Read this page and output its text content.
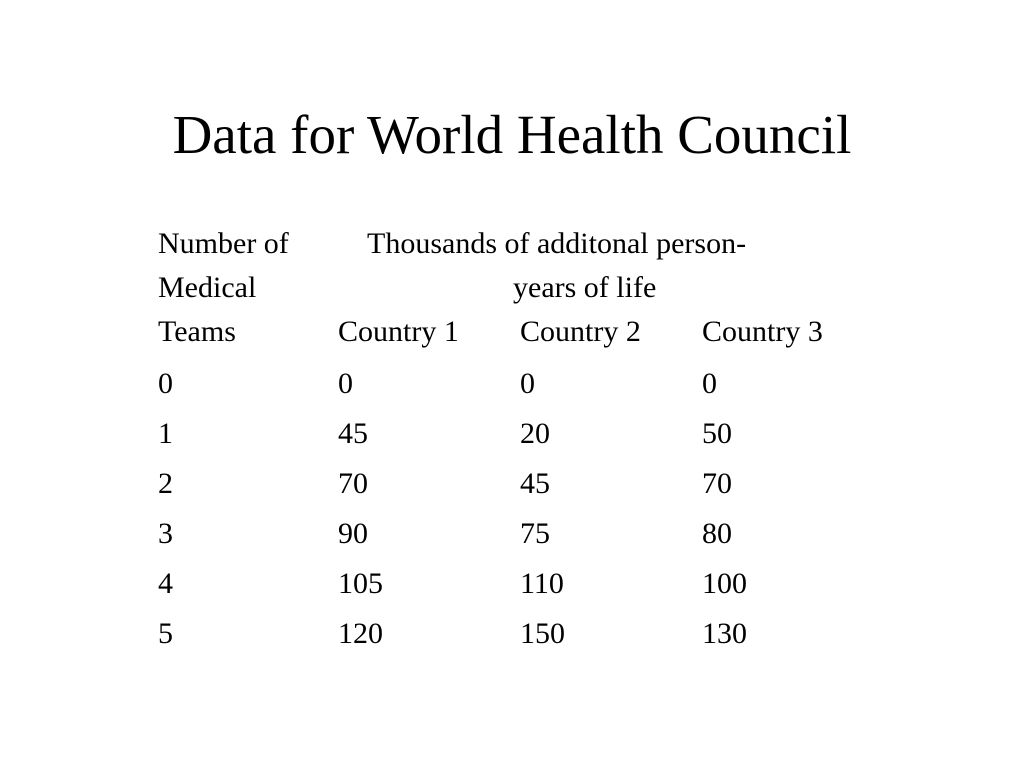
Data for World Health Council
Number of	Thousands of additonal person-
Medical	years of life
Teams	Country 1 Country 2 Country 3
0	0	0	0
1	45	20	50
2	70	45	70
3	90	75	80
4	105	110	100
5	120	150	130
